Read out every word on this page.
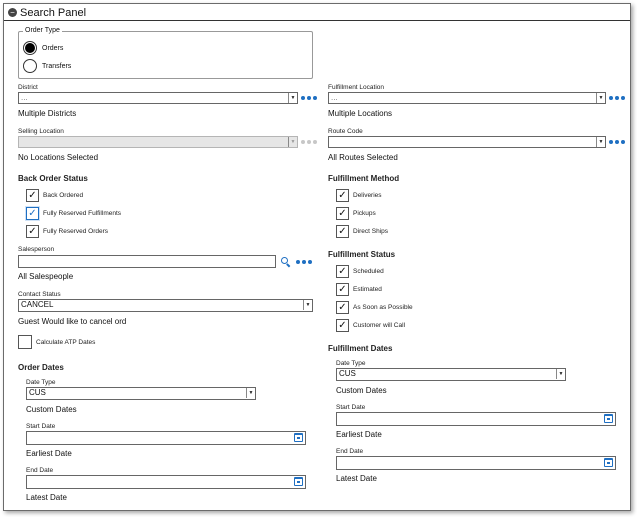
− Search Panel
Order Type
Orders
Transfers
District
...	▼
Multiple Districts
Fulfillment Location
...	▼
Multiple Locations
Selling Location
▼
No Locations Selected
Route Code
▼
All Routes Selected
Back Order Status
✓ Back Ordered
✓ Fully Reserved Fulfillments
✓ Fully Reserved Orders
Fulfillment Method
✓ Deliveries
✓ Pickups
✓ Direct Ships
Salesperson
All Salespeople
Fulfillment Status
✓ Scheduled
✓ Estimated
✓ As Soon as Possible
✓ Customer will Call
Contact Status
CANCEL	▼
Guest Would like to cancel ord
Calculate ATP Dates
Fulfillment Dates
Date Type
CUS	▼
Custom Dates
Start Date
Earliest Date
End Date
Latest Date
Order Dates
Date Type
CUS	▼
Custom Dates
Start Date
Earliest Date
End Date
Latest Date
